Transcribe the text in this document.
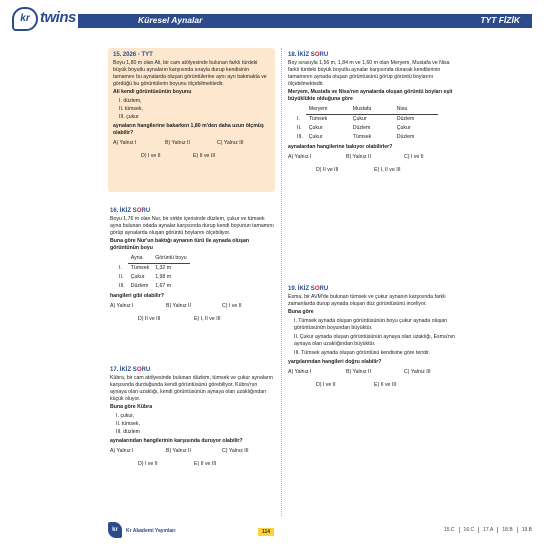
kr twins	Küresel Aynalar	TYT FİZİK

15. 2026 - TYT

Boyu 1,80 m olan Ali, bir cam atölyesinde bulunan farklı türdeki büyük boyutlu aynaların karşısında sırayla durup kendisinin tamamını bu aynalarda oluşan görüntülerine aynı ayrı bakmakta ve gördüğü bu görüntülerin boyunu ölçebilmektedir.

Ali kendi görüntüsünün boyunu

I. düzlem,

II. tümsek,

III. çukur

aynaların hangilerine bakarken 1,80 m'den daha uzun ölçmüş olabilir?

A) Yalnız I	B) Yalnız II	C) Yalnız III
D) I ve II	E) II ve III

16. İKİZ SORU

Boyu 1,76 m olan Nur, bir sirkte içerisinde düzlem, çukur ve tümsek ayna bulunan odada aynalar karşısında durup kendi boyunun tamamını görüp aynalarda oluşan görüntü boylarını ölçebiliyor.

Buna göre Nur'un baktığı aynanın türü ile aynada oluşan görüntünün boyu

	Ayna	Görüntü boyu
I.	Tümsek	1,32 m
II.	Çukur	1,98 m
III.	Düzlem	1,67 m

hangileri gibi olabilir?

A) Yalnız I	B) Yalnız II	C) I ve II
D) II ve III	E) I, II ve III

17. İKİZ SORU

Kübra, bir cam atölyesinde bulunan düzlem, tümsek ve çukur aynaların karşısında durduğunda kendi görüntüsünü görebiliyor. Kübra'nın aynaya olan uzaklığı, kendi görüntüsünün aynaya olan uzaklığından küçük oluyor.

Buna göre Kübra

I. çukur,

II. tümsek,

III. düzlem

aynalarından hangilerinin karşısında duruyor olabilir?

A) Yalnız I	B) Yalnız II	C) Yalnız III
D) I ve II	E) II ve III

18. İKİZ SORU

Boy sırasıyla 1,56 m, 1,84 m ve 1,60 m olan Meryem, Mustafa ve Nisa farklı türdeki büyük boyutlu aynalar karşısında durarak kendilerinin tamamının aynada oluşan görüntüsünü görüp görüntü boylarını ölçebilmektedir.

Meryem, Mustafa ve Nisa'nın aynalarda oluşan görüntü boyları eşit büyüklükte olduğuna göre

	Meryem	Mustafa	Nisa
I.	Tümsek	Çukur	Düzlem
II.	Çukur	Düzlem	Çukur
III.	Çukur	Tümsek	Düzlem

aynalardan hangilerine bakıyor olabilirler?

A) Yalnız I	B) Yalnız II	C) I ve II
D) II ve III	E) I, II ve III

19. İKİZ SORU

Esma, bir AVM'de bulunan tümsek ve çukur aynanın karşısında farklı zamanlarda durup aynada oluşan düz görüntüsünü inceliyor.

Buna göre

I. Tümsek aynada oluşan görüntüsünün boyu çukur aynada oluşan görüntüsünün boyundan büyüktür.

II. Çukur aynada oluşan görüntüsünün aynaya olan uzaklığı, Esma'nın aynaya olan uzaklığından büyüktür.

III. Tümsek aynada oluşan görüntüsü kendisine göre terstir.

yargılarından hangileri doğru olabilir?

A) Yalnız I	B) Yalnız II	C) Yalnız III
D) I ve II	E) II ve III
kr	Kr Akademi Yayınları	114	15.C	16.C	17.A	18.B	19.B
